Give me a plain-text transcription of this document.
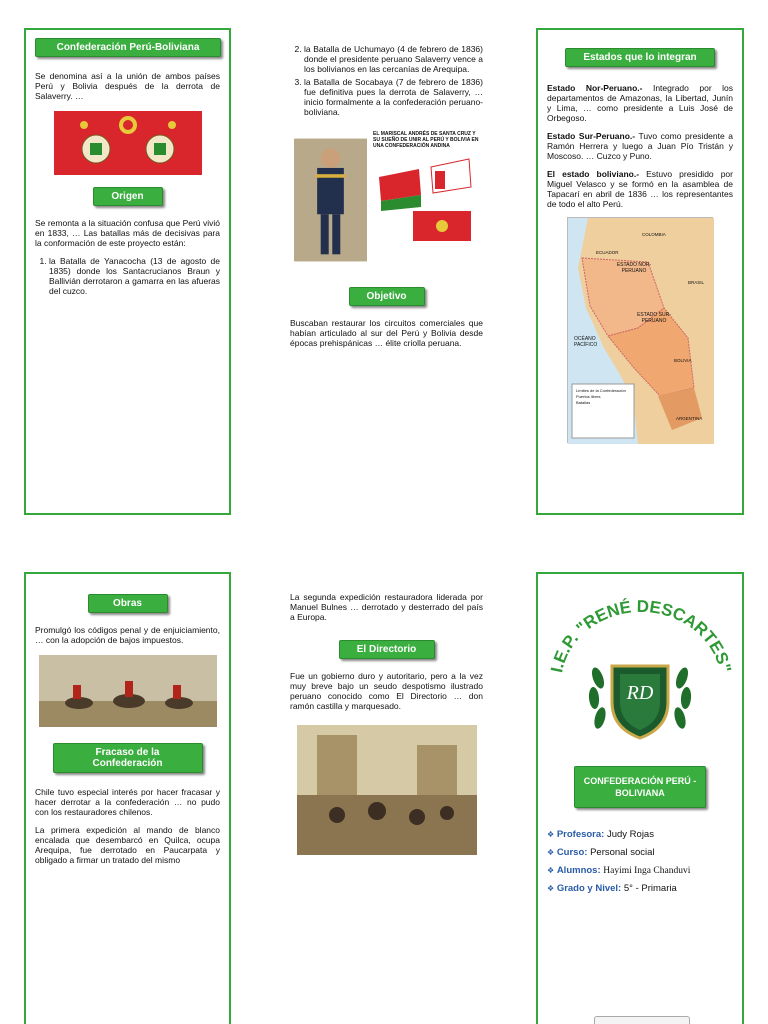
Confederación Perú-Boliviana
Se denomina así a la unión de ambos países Perú y Bolivia después de la derrota de Salaverry. …
Origen
Se remonta a la situación confusa que Perú vivió en 1833, … Las batallas más de decisivas para la conformación de este proyecto están:
1. la Batalla de Yanacocha (13 de agosto de 1835) donde los Santacrucianos Braun y Ballivián derrotaron a gamarra en las afueras del cuzco.
2. la Batalla de Uchumayo (4 de febrero de 1836) donde el presidente peruano Salaverry vence a los bolivianos en las cercanías de Arequipa.
3. la Batalla de Socabaya (7 de febrero de 1836) fue definitiva pues la derrota de Salaverry, … inicio formalmente a la confederación peruano-boliviana.
EL MARISCAL ANDRÉS DE SANTA CRUZ Y SU SUEÑO DE UNIR AL PERÚ Y BOLIVIA EN UNA CONFEDERACIÓN ANDINA
Objetivo
Buscaban restaurar los circuitos comerciales que habían articulado al sur del Perú y Bolivia desde épocas prehispánicas … élite criolla peruana.
Estados que lo integran

Estado Nor-Peruano.- Integrado por los departamentos de Amazonas, la Libertad, Junín y Lima, … como presidente a Luis José de Orbegoso.

Estado Sur-Peruano.- Tuvo como presidente a Ramón Herrera y luego a Juan Pío Tristán y Moscoso. … Cuzco y Puno.

El estado boliviano.- Estuvo presidido por Miguel Velasco y se formó en la asamblea de Tapacarí en abril de 1836 … los representantes de todo el alto Perú.

COLOMBIA
ECUADOR
ESTADO NOR-PERUANO
ESTADO SUR-PERUANO
OCÉANO PACÍFICO
BRASIL
BOLIVIA
ARGENTINA
Límites de la Confederación
Puertos libres
Batallas
Obras
Promulgó los códigos penal y de enjuiciamiento, … con la adopción de bajos impuestos.
Fracaso de la Confederación

Chile tuvo especial interés por hacer fracasar y hacer derrotar a la confederación … no pudo con los restauradores chilenos.

La primera expedición al mando de blanco encalada que desembarcó en Quilca, ocupa Arequipa, fue derrotado en Paucarpata y obligado a firmar un tratado del mismo

La segunda expedición restauradora liderada por Manuel Bulnes … derrotado y desterrado del país a Europa.
El Directorio
Fue un gobierno duro y autoritario, pero a la vez muy breve bajo un seudo despotismo ilustrado peruano conocido como El Directorio … don ramón castilla y marquesado.
I.E.P. "RENÉ DESCARTES"
RD
CONFEDERACIÓN PERÚ - BOLIVIANA
❖ Profesora: Judy Rojas
❖ Curso: Personal social
❖ Alumnos: Hayimi Inga Chanduvi
❖ Grado y Nivel: 5° - Primaria
